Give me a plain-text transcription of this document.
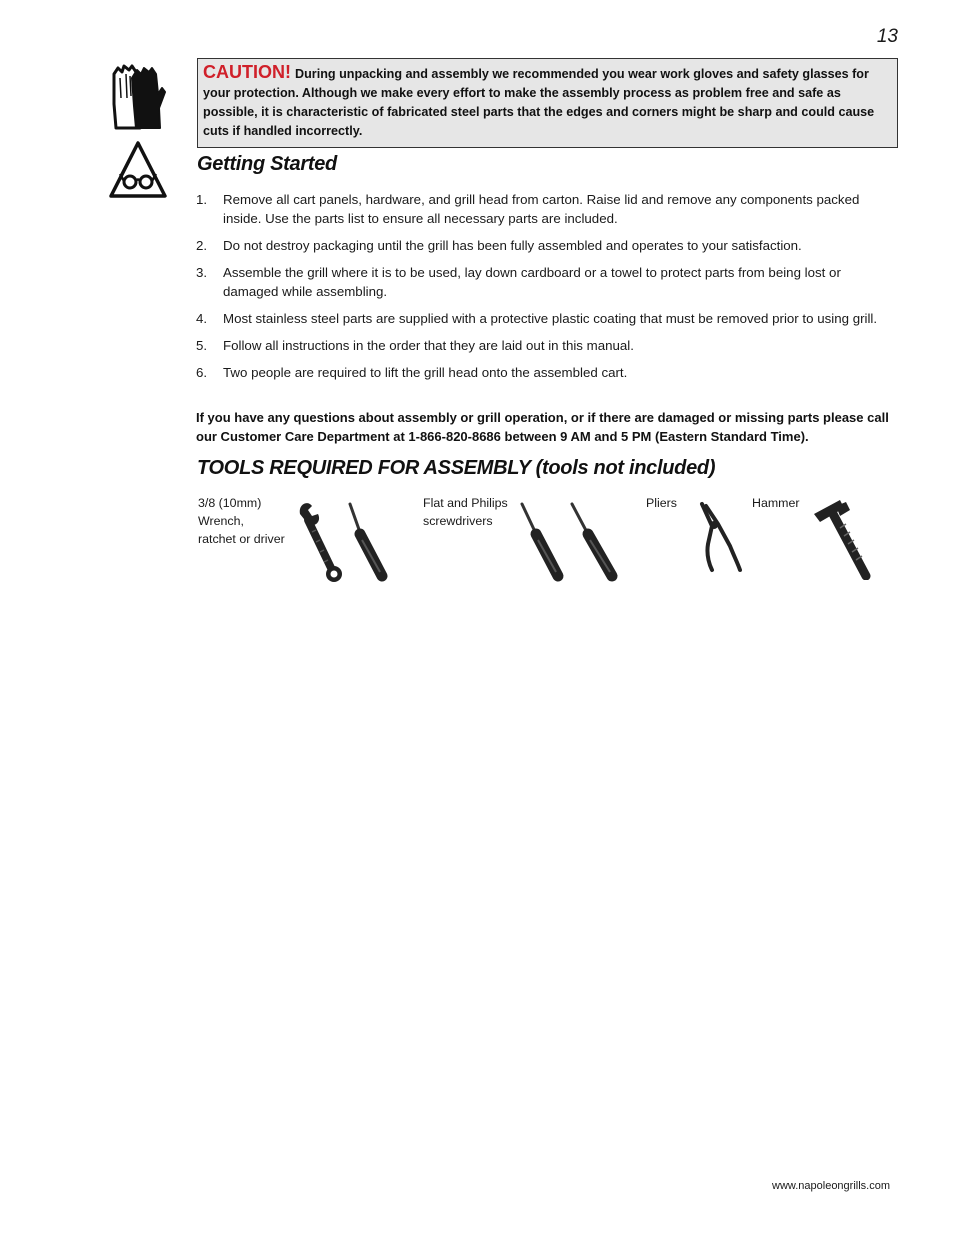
13
CAUTION! During unpacking and assembly we recommended you wear work gloves and safety glasses for your protection. Although we make every effort to make the assembly process as problem free and safe as possible, it is characteristic of fabricated steel parts that the edges and corners might be sharp and could cause cuts if handled incorrectly.
Getting Started
1. Remove all cart panels, hardware, and grill head from carton. Raise lid and remove any components packed inside. Use the parts list to ensure all necessary parts are included.
2. Do not destroy packaging until the grill has been fully assembled and operates to your satisfaction.
3. Assemble the grill where it is to be used, lay down cardboard or a towel to protect parts from being lost or damaged while assembling.
4. Most stainless steel parts are supplied with a protective plastic coating that must be removed prior to using grill.
5. Follow all instructions in the order that they are laid out in this manual.
6. Two people are required to lift the grill head onto the assembled cart.
If you have any questions about assembly or grill operation, or if there are damaged or missing parts please call our Customer Care Department at 1-866-820-8686 between 9 AM and 5 PM (Eastern Standard Time).
TOOLS REQUIRED FOR ASSEMBLY (tools not included)
3/8 (10mm)
Wrench,
ratchet or driver
Flat and Philips
screwdrivers
Pliers	Hammer
www.napoleongrills.com
